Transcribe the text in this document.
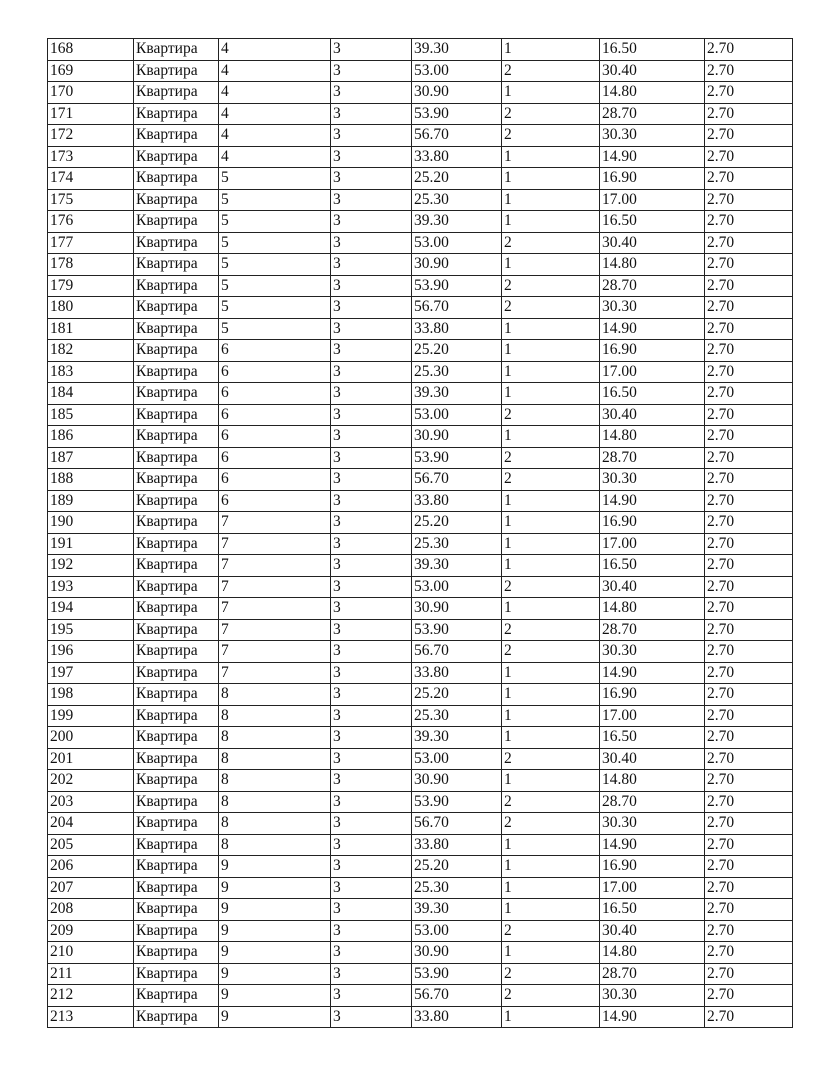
168	Квартира	4	3	39.30	1	16.50	2.70
169	Квартира	4	3	53.00	2	30.40	2.70
170	Квартира	4	3	30.90	1	14.80	2.70
171	Квартира	4	3	53.90	2	28.70	2.70
172	Квартира	4	3	56.70	2	30.30	2.70
173	Квартира	4	3	33.80	1	14.90	2.70
174	Квартира	5	3	25.20	1	16.90	2.70
175	Квартира	5	3	25.30	1	17.00	2.70
176	Квартира	5	3	39.30	1	16.50	2.70
177	Квартира	5	3	53.00	2	30.40	2.70
178	Квартира	5	3	30.90	1	14.80	2.70
179	Квартира	5	3	53.90	2	28.70	2.70
180	Квартира	5	3	56.70	2	30.30	2.70
181	Квартира	5	3	33.80	1	14.90	2.70
182	Квартира	6	3	25.20	1	16.90	2.70
183	Квартира	6	3	25.30	1	17.00	2.70
184	Квартира	6	3	39.30	1	16.50	2.70
185	Квартира	6	3	53.00	2	30.40	2.70
186	Квартира	6	3	30.90	1	14.80	2.70
187	Квартира	6	3	53.90	2	28.70	2.70
188	Квартира	6	3	56.70	2	30.30	2.70
189	Квартира	6	3	33.80	1	14.90	2.70
190	Квартира	7	3	25.20	1	16.90	2.70
191	Квартира	7	3	25.30	1	17.00	2.70
192	Квартира	7	3	39.30	1	16.50	2.70
193	Квартира	7	3	53.00	2	30.40	2.70
194	Квартира	7	3	30.90	1	14.80	2.70
195	Квартира	7	3	53.90	2	28.70	2.70
196	Квартира	7	3	56.70	2	30.30	2.70
197	Квартира	7	3	33.80	1	14.90	2.70
198	Квартира	8	3	25.20	1	16.90	2.70
199	Квартира	8	3	25.30	1	17.00	2.70
200	Квартира	8	3	39.30	1	16.50	2.70
201	Квартира	8	3	53.00	2	30.40	2.70
202	Квартира	8	3	30.90	1	14.80	2.70
203	Квартира	8	3	53.90	2	28.70	2.70
204	Квартира	8	3	56.70	2	30.30	2.70
205	Квартира	8	3	33.80	1	14.90	2.70
206	Квартира	9	3	25.20	1	16.90	2.70
207	Квартира	9	3	25.30	1	17.00	2.70
208	Квартира	9	3	39.30	1	16.50	2.70
209	Квартира	9	3	53.00	2	30.40	2.70
210	Квартира	9	3	30.90	1	14.80	2.70
211	Квартира	9	3	53.90	2	28.70	2.70
212	Квартира	9	3	56.70	2	30.30	2.70
213	Квартира	9	3	33.80	1	14.90	2.70
